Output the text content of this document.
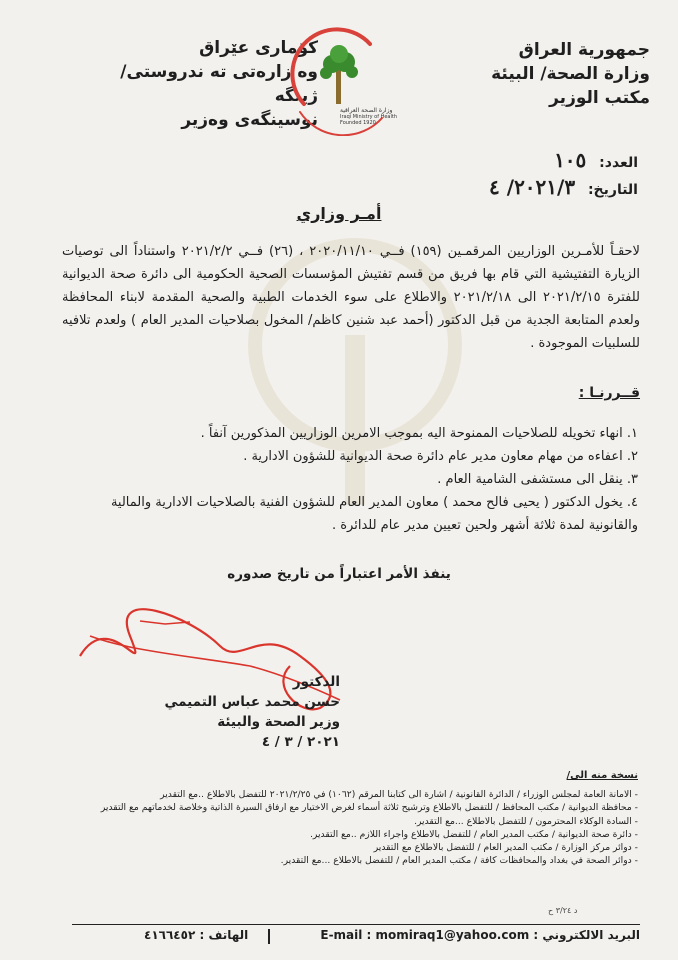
جمهورية العراق
وزارة الصحة/ البيئة
مكتب الوزير
كۆماری عێراق
وه زارەتی ته ندروستی/ ژینگه
نوسینگەی وەزیر	وزارة الصحة العراقية
Iraqi Ministry of Health
Founded 1920
العدد: ١٠٥
التاريخ: ٢٠٢١/٣/ ٤
أمـر وزاري
لاحقـاً للأمـرين الوزاريين المرقمـين (١٥٩) فــي ٢٠٢٠/١١/١٠ ، (٢٦) فــي ٢٠٢١/٢/٢ واستناداً الى توصيات الزيارة التفتيشية التي قام بها فريق من قسم تفتيش المؤسسات الصحية الحكومية الى دائرة صحة الديوانية للفترة ٢٠٢١/٢/١٥ الى ٢٠٢١/٢/١٨ والاطلاع على سوء الخدمات الطبية والصحية المقدمة لابناء المحافظة ولعدم المتابعة الجدية من قبل الدكتور (أحمد عبد شنين كاظم/ المخول بصلاحيات المدير العام ) ولعدم تلافيه للسلبيات الموجودة .
قــررنـا :
١. انهاء تخويله للصلاحيات الممنوحة اليه بموجب الامرين الوزاريين المذكورين آنفاً .
٢. اعفاءه من مهام معاون مدير عام دائرة صحة الديوانية للشؤون الادارية .
٣. ينقل الى مستشفى الشامية العام .
٤. يخول الدكتور ( يحيى فالح محمد ) معاون المدير العام للشؤون الفنية بالصلاحيات الادارية والمالية والقانونية لمدة ثلاثة أشهر ولحين تعيين مدير عام للدائرة .
ينفذ الأمر اعتباراً من تاريخ صدوره
الدكتور
حسن محمد عباس التميمي
وزير الصحة والبيئة
٢٠٢١ / ٣ / ٤
نسخة منه الى/
- الامانة العامة لمجلس الوزراء / الدائرة القانونية / اشارة الى كتابنا المرقم (١٠٦٢) في ٢٠٢١/٢/٢٥ للتفضل بالاطلاع ..مع التقدير
- محافظة الديوانية / مكتب المحافظ / للتفضل بالاطلاع وترشيح ثلاثة أسماء لغرض الاختيار مع ارفاق السيرة الذاتية وخلاصة لخدماتهم مع التقدير
- السادة الوكلاء المحترمون / للتفضل بالاطلاع ...مع التقدير.
- دائرة صحة الديوانية / مكتب المدير العام / للتفضل بالاطلاع واجراء اللازم ..مع التقدير.
- دوائر مركز الوزارة / مكتب المدير العام / للتفضل بالاطلاع مع التقدير
- دوائر الصحة في بغداد والمحافظات كافة / مكتب المدير العام / للتفضل بالاطلاع ...مع التقدير.
د ٣/٢٤ ح
البريد الالكتروني : E-mail : momiraq1@yahoo.com
الهاتف : ٤١٦٦٤٥٢
